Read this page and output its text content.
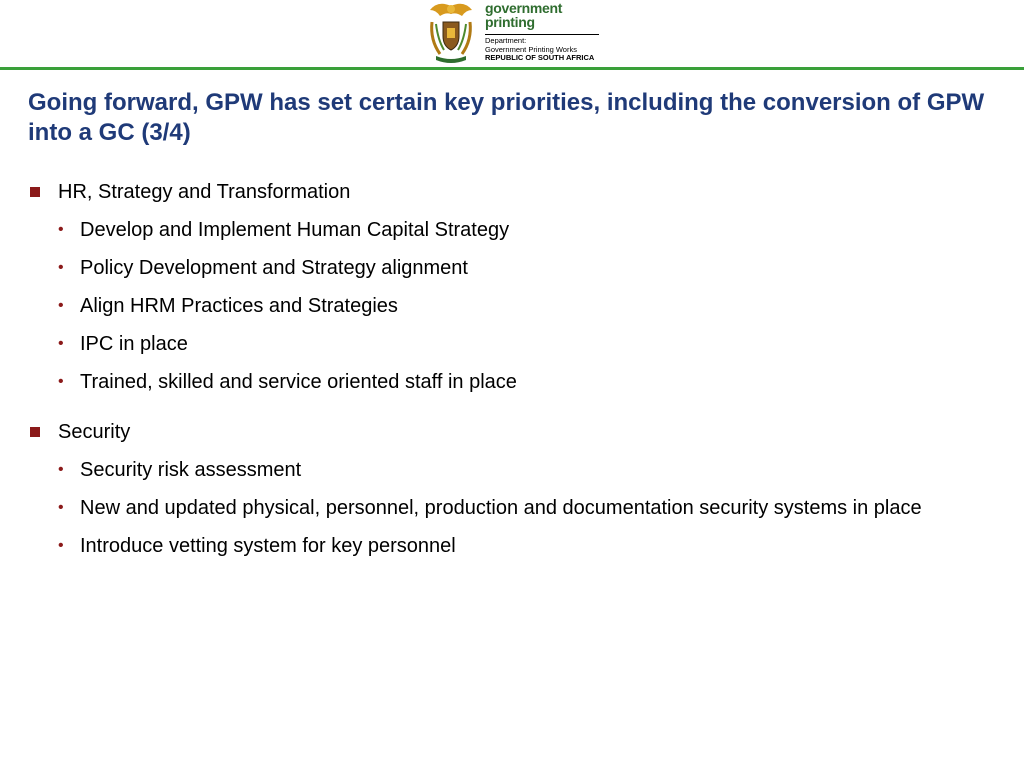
government
printing
Department:
Government Printing Works
REPUBLIC OF SOUTH AFRICA
Going forward, GPW has set certain key priorities, including the conversion of GPW into a GC (3/4)
HR, Strategy and Transformation
• Develop and Implement Human Capital Strategy
• Policy Development and Strategy alignment
• Align HRM Practices and Strategies
• IPC in place
• Trained, skilled and service oriented staff in place
Security
• Security risk assessment
• New and updated physical, personnel, production and documentation security systems in place
• Introduce vetting system for key personnel
